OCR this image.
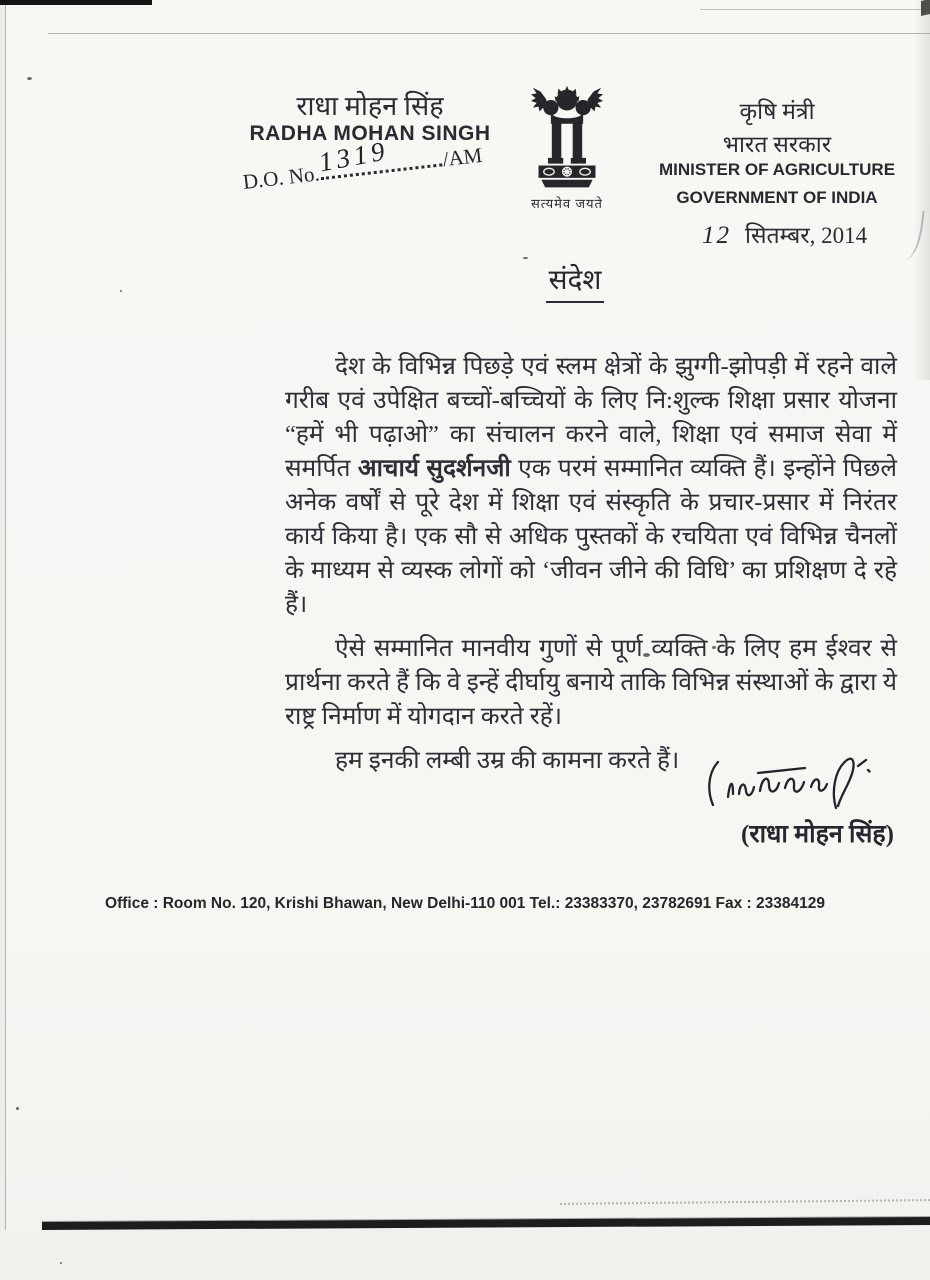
राधा मोहन सिंह
RADHA MOHAN SINGH
D.O. No./AM
1319
सत्यमेव जयते
कृषि मंत्री
भारत सरकार
MINISTER OF AGRICULTURE
GOVERNMENT OF INDIA
12 सितम्बर, 2014
संदेश

देश के विभिन्न पिछड़े एवं स्लम क्षेत्रों के झुग्गी-झोपड़ी में रहने वाले गरीब एवं उपेक्षित बच्चों-बच्चियों के लिए नि:शुल्क शिक्षा प्रसार योजना “हमें भी पढ़ाओ” का संचालन करने वाले, शिक्षा एवं समाज सेवा में समर्पित आचार्य सुदर्शनजी एक परमं सम्मानित व्यक्ति हैं। इन्होंने पिछले अनेक वर्षों से पूरे देश में शिक्षा एवं संस्कृति के प्रचार-प्रसार में निरंतर कार्य किया है। एक सौ से अधिक पुस्तकों के रचयिता एवं विभिन्न चैनलों के माध्यम से व्यस्क लोगों को ‘जीवन जीने की विधि’ का प्रशिक्षण दे रहे हैं।

ऐसे सम्मानित मानवीय गुणों से पूर्ण व्यक्ति के लिए हम ईश्वर से प्रार्थना करते हैं कि वे इन्हें दीर्घायु बनाये ताकि विभिन्न संस्थाओं के द्वारा ये राष्ट्र निर्माण में योगदान करते रहें।

हम इनकी लम्बी उम्र की कामना करते हैं।

(राधा मोहन सिंह)
Office : Room No. 120, Krishi Bhawan, New Delhi-110 001 Tel.: 23383370, 23782691 Fax : 23384129
